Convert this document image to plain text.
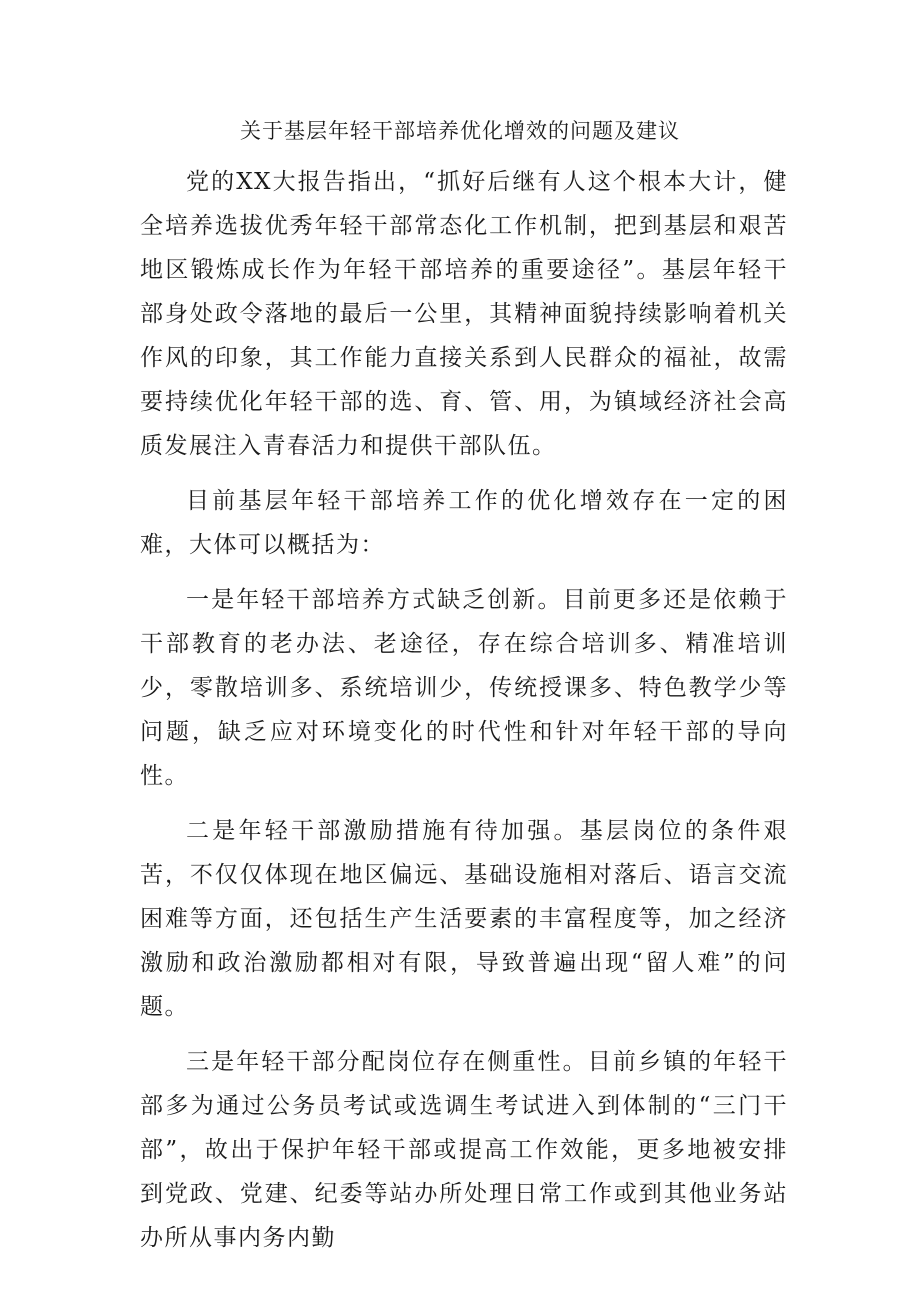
关于基层年轻干部培养优化增效的问题及建议

党的XX大报告指出，“抓好后继有人这个根本大计，健全培养选拔优秀年轻干部常态化工作机制，把到基层和艰苦地区锻炼成长作为年轻干部培养的重要途径”。基层年轻干部身处政令落地的最后一公里，其精神面貌持续影响着机关作风的印象，其工作能力直接关系到人民群众的福祉，故需要持续优化年轻干部的选、育、管、用，为镇域经济社会高质发展注入青春活力和提供干部队伍。

目前基层年轻干部培养工作的优化增效存在一定的困难，大体可以概括为：

一是年轻干部培养方式缺乏创新。目前更多还是依赖于干部教育的老办法、老途径，存在综合培训多、精准培训少，零散培训多、系统培训少，传统授课多、特色教学少等问题，缺乏应对环境变化的时代性和针对年轻干部的导向性。

二是年轻干部激励措施有待加强。基层岗位的条件艰苦，不仅仅体现在地区偏远、基础设施相对落后、语言交流困难等方面，还包括生产生活要素的丰富程度等，加之经济激励和政治激励都相对有限，导致普遍出现“留人难”的问题。

三是年轻干部分配岗位存在侧重性。目前乡镇的年轻干部多为通过公务员考试或选调生考试进入到体制的“三门干部”，故出于保护年轻干部或提高工作效能，更多地被安排到党政、党建、纪委等站办所处理日常工作或到其他业务站办所从事内务内勤
